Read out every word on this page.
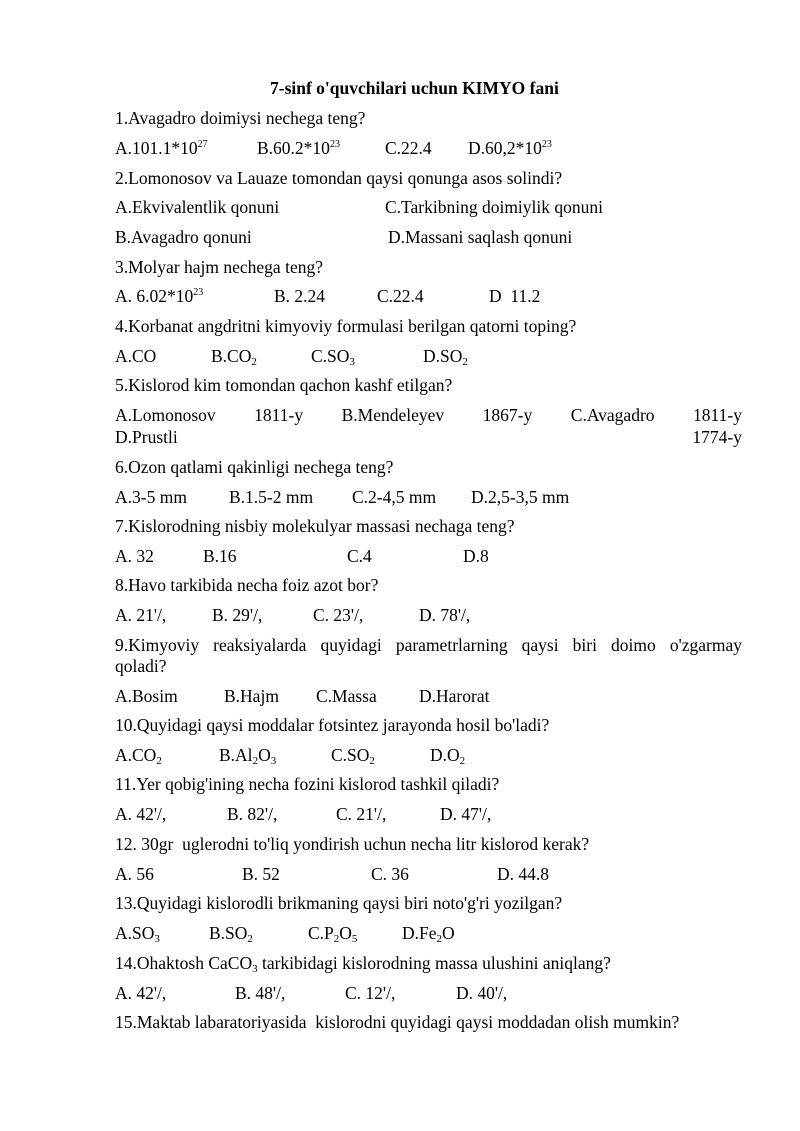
7-sinf o'quvchilari uchun KIMYO fani
1.Avagadro doimiysi nechega teng?
$A.101.1*10^{27}$	$B.60.2*10^{23}$	C.22.4 $D.60,2*10^{23}$
2.Lomonosov va Lauaze tomondan qaysi qonunga asos solindi?
A.Ekvivalentlik qonuni	C.Tarkibning doimiylik qonuni
B.Avagadro qonuni	D.Massani saqlash qonuni
3.Molyar hajm nechega teng?
A. $6.02*10^{23}$	B. 2.24	C.22.4	D  11.2
4.Korbanat angdritni kimyoviy formulasi berilgan qatorni toping?
A.CO	$B.CO_2$	$C.SO_3$	$D.SO_2$
5.Kislorod kim tomondan qachon kashf etilgan?
A.Lomonosov 1811-y B.Mendeleyev 1867-y C.Avagadro 1811-y D.Prustli 1774-y
6.Ozon qatlami qakinligi nechega teng?
A.3-5 mm B.1.5-2 mm C.2-4,5 mm D.2,5-3,5 mm
7.Kislorodning nisbiy molekulyar massasi nechaga teng?
A. 32	B.16	C.4	D.8
8.Havo tarkibida necha foiz azot bor?
A. 21'/,	B. 29'/,	C. 23'/,	D. 78'/,
9.Kimyoviy reaksiyalarda quyidagi parametrlarning qaysi biri doimo o'zgarmay
qoladi?
A.Bosim	B.Hajm C.Massa D.Harorat
10.Quyidagi qaysi moddalar fotsintez jarayonda hosil bo'ladi?
$A.CO_2$	$B.Al_2O_3$	$C.SO_2$	$D.O_2$
11.Yer qobig'ining necha fozini kislorod tashkil qiladi?
A. 42'/,	B. 82'/,	C. 21'/,	D. 47'/,
12. 30gr  uglerodni to'liq yondirish uchun necha litr kislorod kerak?
A. 56	B. 52	C. 36	D. 44.8
13.Quyidagi kislorodli brikmaning qaysi biri noto'g'ri yozilgan?
$A.SO_3$	$B.SO_2$	$C.P_2O_5$	$D.Fe_2O$
14.Ohaktosh CaCO$_3$ tarkibidagi kislorodning massa ulushini aniqlang?
A. 42'/,	B. 48'/,	C. 12'/,	D. 40'/,
15.Maktab labaratoriyasida  kislorodni quyidagi qaysi moddadan olish mumkin?
